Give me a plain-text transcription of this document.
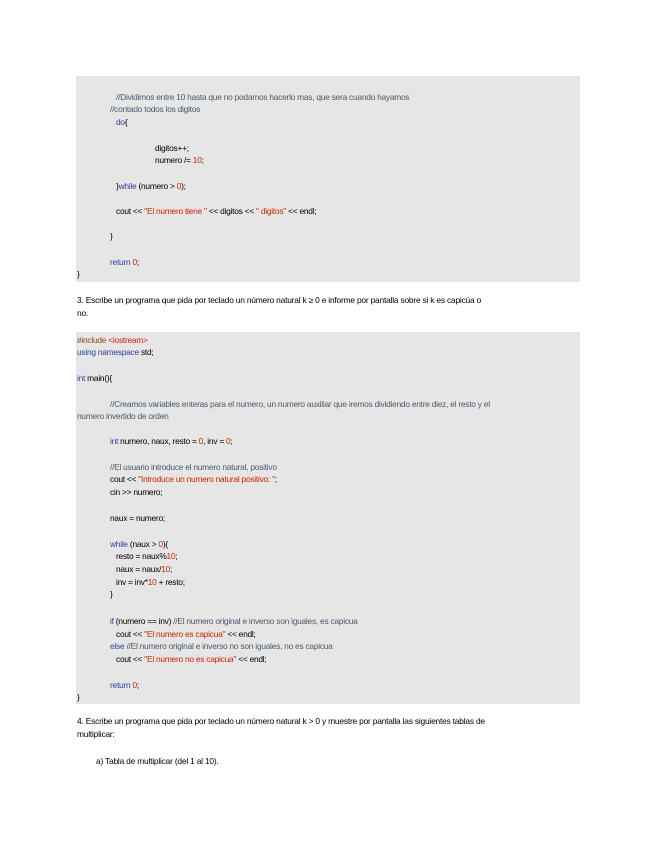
//Dividimos entre 10 hasta que no podamos hacerlo mas, que sera cuando hayamos
//contado todos los digitos
do{
digitos++;
numero /= 10;
}while (numero > 0);
cout << "El numero tiene " << digitos << " digitos" << endl;
}
return 0;
}
3. Escribe un programa que pida por teclado un número natural k ≥ 0 e informe por pantalla sobre si k es capicúa o
no.
#include <iostream>
using namespace std;
int main(){
//Creamos variables enteras para el numero, un numero auxiliar que iremos dividiendo entre diez, el resto y el
numero invertido de orden
int numero, naux, resto = 0, inv = 0;
//El usuario introduce el numero natural, positivo
cout << "Introduce un numero natural positivo: ";
cin >> numero;
naux = numero;
while (naux > 0){
resto = naux%10;
naux = naux/10;
inv = inv*10 + resto;
}
if (numero == inv) //El numero original e inverso son iguales, es capicua
cout << "El numero es capicua" << endl;
else //El numero original e inverso no son iguales, no es capicua
cout << "El numero no es capicua" << endl;
return 0;
}
4. Escribe un programa que pida por teclado un número natural k > 0 y muestre por pantalla las siguientes tablas de
multiplicar:
a) Tabla de multiplicar (del 1 al 10).
